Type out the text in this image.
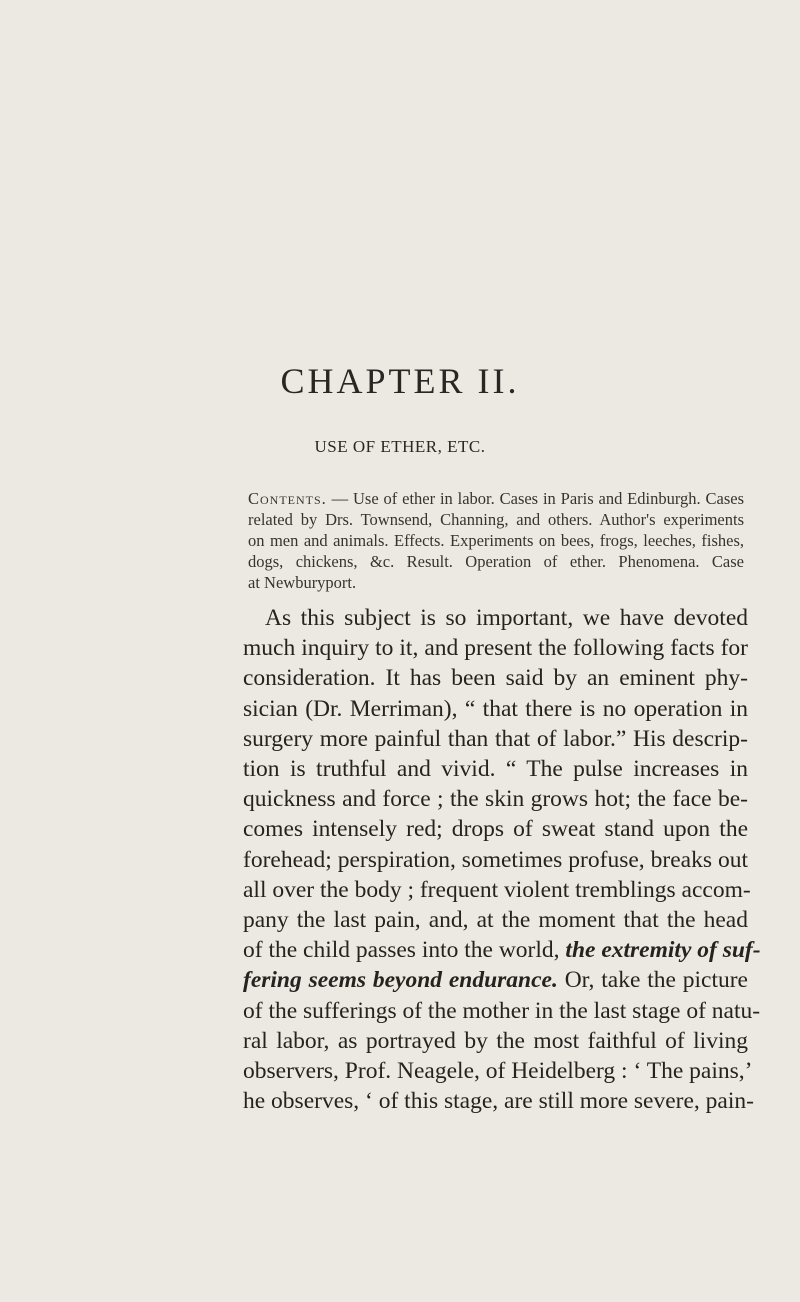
CHAPTER II.
USE OF ETHER, ETC.
Contents. — Use of ether in labor. Cases in Paris and Edinburgh. Cases
related by Drs. Townsend, Channing, and others. Author's experiments
on men and animals. Effects. Experiments on bees, frogs, leeches, fishes,
dogs, chickens, &c. Result. Operation of ether. Phenomena. Case
at Newburyport.
As this subject is so important, we have devoted
much inquiry to it, and present the following facts for
consideration. It has been said by an eminent phy-
sician (Dr. Merriman), “ that there is no operation in
surgery more painful than that of labor.” His descrip-
tion is truthful and vivid. “ The pulse increases in
quickness and force ; the skin grows hot; the face be-
comes intensely red; drops of sweat stand upon the
forehead; perspiration, sometimes profuse, breaks out
all over the body ; frequent violent tremblings accom-
pany the last pain, and, at the moment that the head
of the child passes into the world, the extremity of suf-
fering seems beyond endurance. Or, take the picture
of the sufferings of the mother in the last stage of natu-
ral labor, as portrayed by the most faithful of living
observers, Prof. Neagele, of Heidelberg : ‘ The pains,’
he observes, ‘ of this stage, are still more severe, pain-
